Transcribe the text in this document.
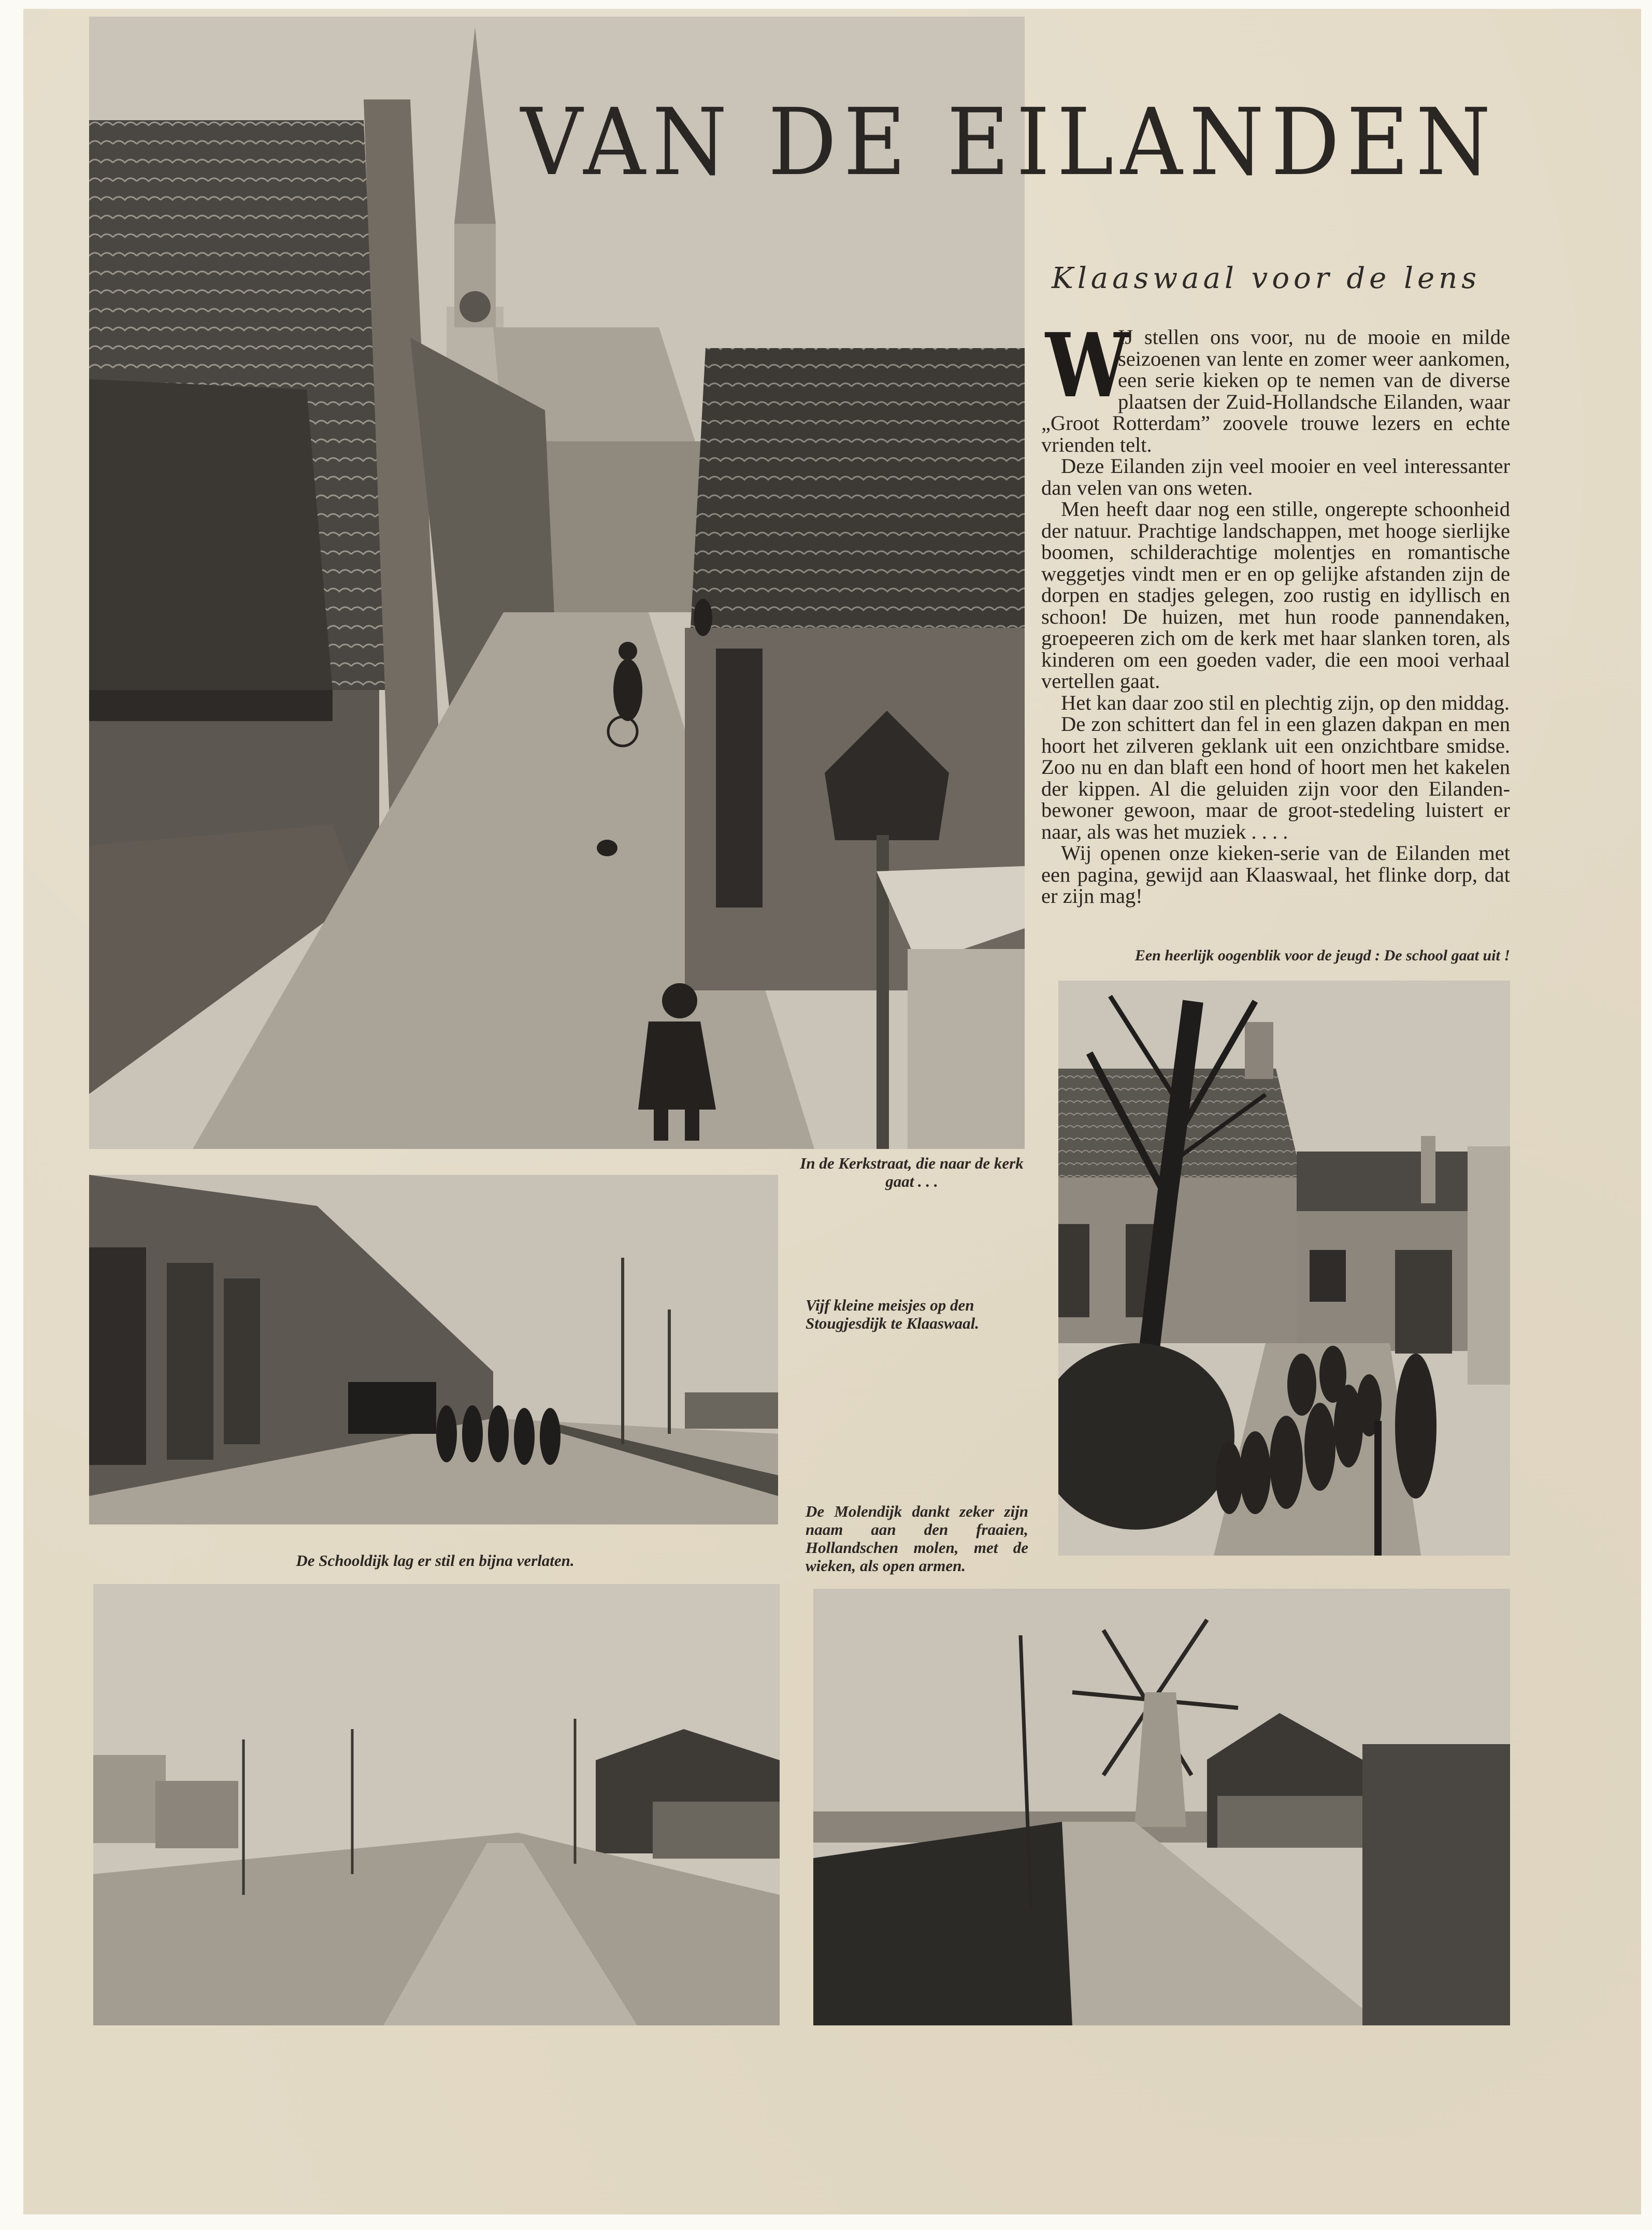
VAN DE EILANDEN
Klaaswaal voor de lens
W

IJ stellen ons voor, nu de mooie en milde seizoenen van lente en zomer weer aankomen, een serie kieken op te nemen van de diverse plaatsen der Zuid-Hollandsche Eilanden, waar „Groot Rotterdam” zoovele trouwe lezers en echte vrienden telt.

Deze Eilanden zijn veel mooier en veel interessanter dan velen van ons weten.

Men heeft daar nog een stille, ongerepte schoonheid der natuur. Prachtige landschappen, met hooge sierlijke boomen, schilderachtige molentjes en romantische weggetjes vindt men er en op gelijke afstanden zijn de dorpen en stadjes gelegen, zoo rustig en idyllisch en schoon! De huizen, met hun roode pannendaken, groepeeren zich om de kerk met haar slanken toren, als kinderen om een goeden vader, die een mooi verhaal vertellen gaat.

Het kan daar zoo stil en plechtig zijn, op den middag.

De zon schittert dan fel in een glazen dakpan en men hoort het zilveren geklank uit een onzichtbare smidse. Zoo nu en dan blaft een hond of hoort men het kakelen der kippen. Al die geluiden zijn voor den Eilanden-bewoner gewoon, maar de groot-stedeling luistert er naar, als was het muziek . . . .

Wij openen onze kieken-serie van de Eilanden met een pagina, gewijd aan Klaaswaal, het flinke dorp, dat er zijn mag!

Een heerlijk oogenblik voor de jeugd : De school gaat uit !
In de Kerkstraat, die naar de kerk gaat . . .
Vijf kleine meisjes op den Stougjesdijk te Klaaswaal.
De Molendijk dankt zeker zijn naam aan den fraaien, Hollandschen molen, met de wieken, als open armen.
De Schooldijk lag er stil en bijna verlaten.
